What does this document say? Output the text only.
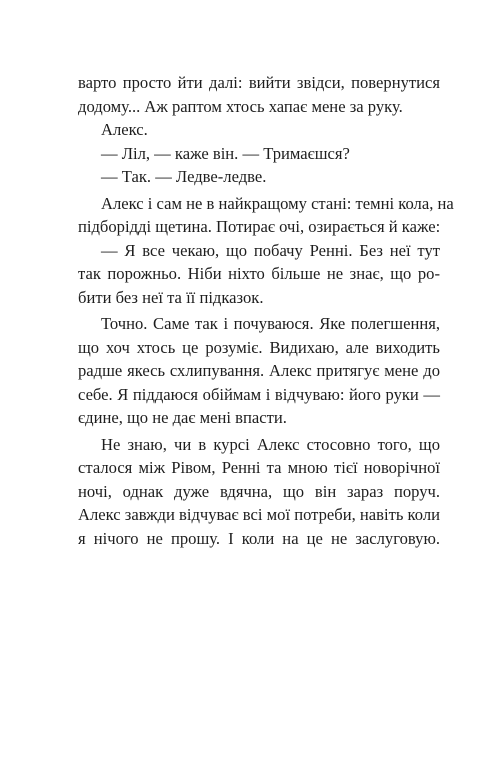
варто просто йти далі: вийти звідси, повернутися
додому... Аж раптом хтось хапає мене за руку.
Алекс.
— Ліл, — каже він. — Тримаєшся?
— Так. — Ледве-ледве.
Алекс і сам не в найкращому стані: темні кола, на
підборідді щетина. Потирає очі, озирається й каже:
— Я все чекаю, що побачу Ренні. Без неї тут
так порожньо. Ніби ніхто більше не знає, що ро-
бити без неї та її підказок.
Точно. Саме так і почуваюся. Яке полегшення,
що хоч хтось це розуміє. Видихаю, але виходить
радше якесь схлипування. Алекс притягує мене до
себе. Я піддаюся обіймам і відчуваю: його руки —
єдине, що не дає мені впасти.
Не знаю, чи в курсі Алекс стосовно того, що
сталося між Рівом, Ренні та мною тієї новорічної
ночі, однак дуже вдячна, що він зараз поруч.
Алекс завжди відчуває всі мої потреби, навіть коли
я нічого не прошу. І коли на це не заслуговую.
